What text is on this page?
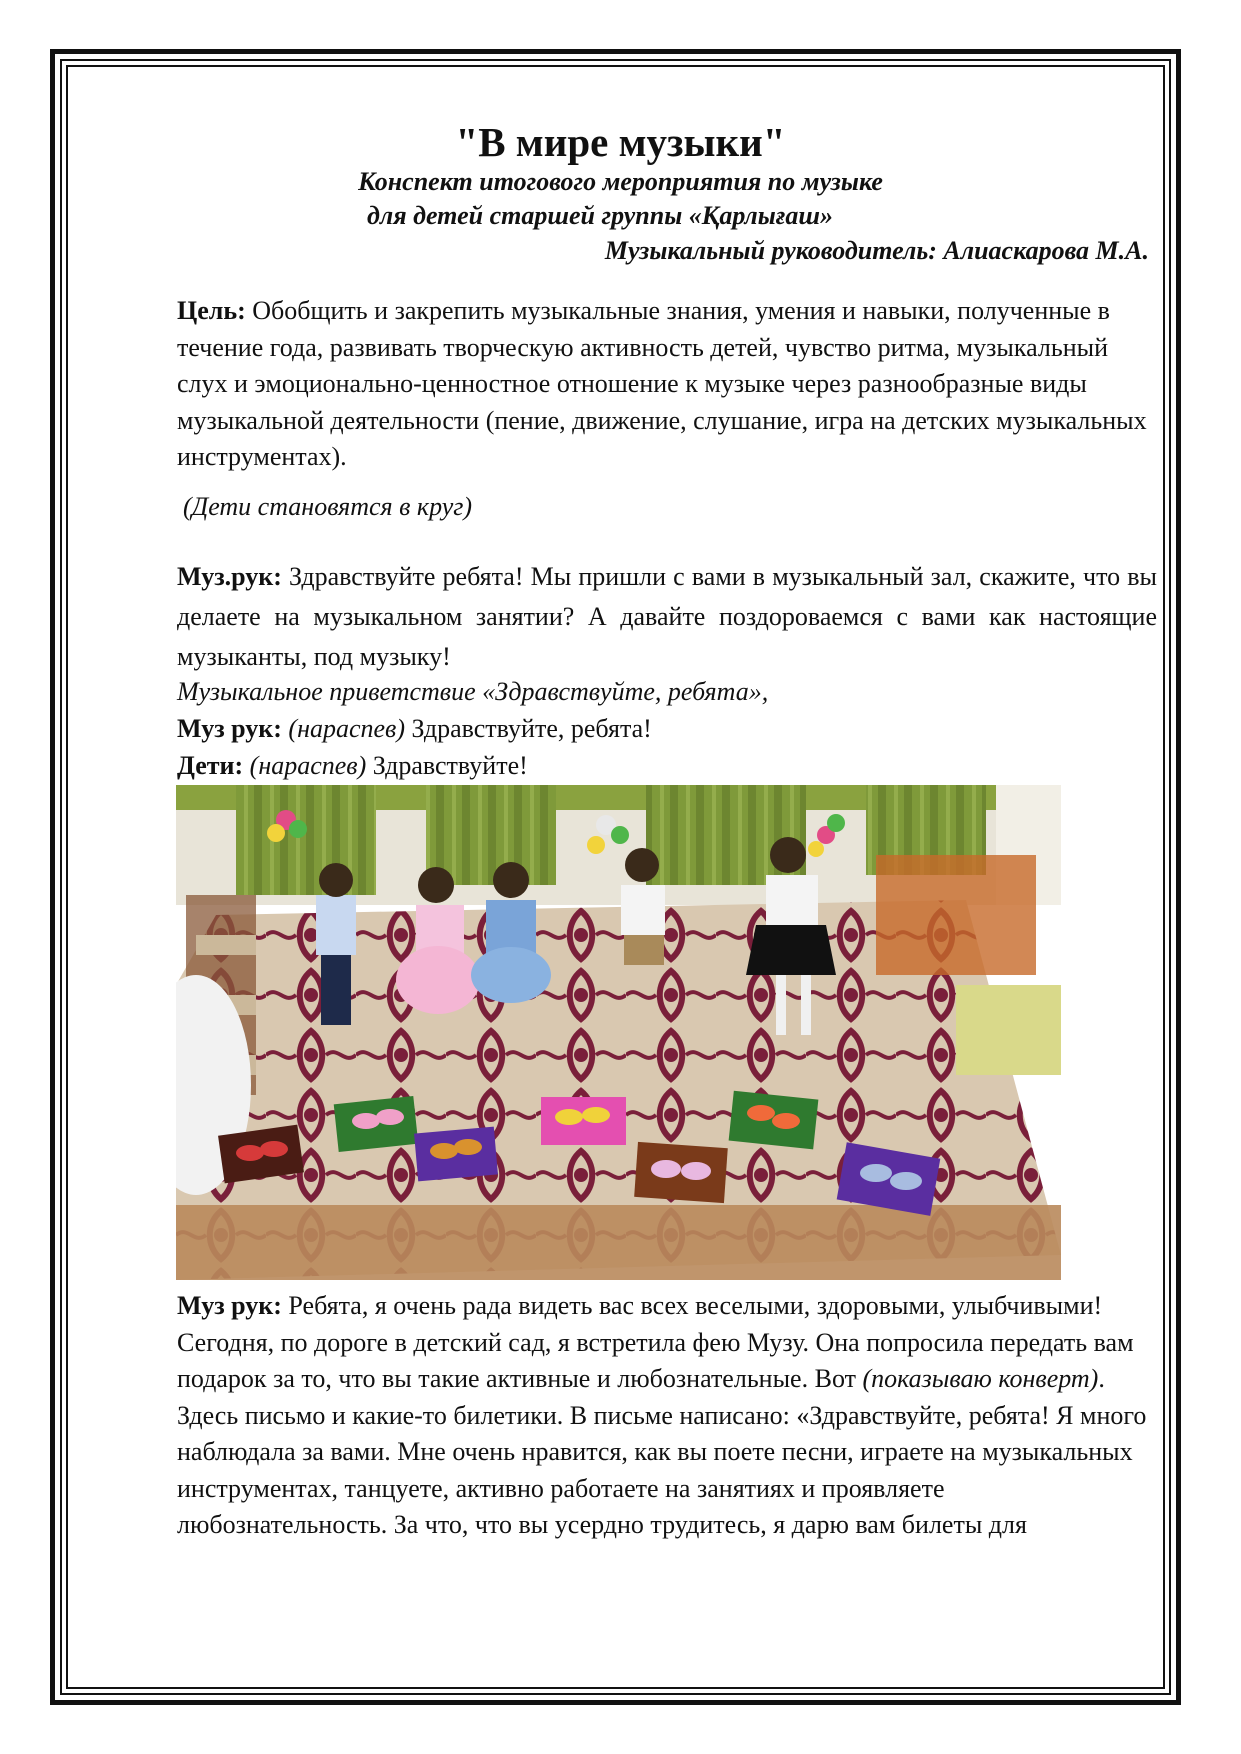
"В мире музыки"

Конспект итогового мероприятия по музыке

для детей старшей группы «Қарлығаш»

Музыкальный руководитель: Алиаскарова М.А.

Цель: Обобщить и закрепить музыкальные знания, умения и навыки, полученные в течение года, развивать творческую активность детей, чувство ритма, музыкальный слух и эмоционально-ценностное отношение к музыке через разнообразные виды музыкальной деятельности (пение, движение, слушание, игра на детских музыкальных инструментах).

(Дети становятся в круг)

Муз.рук: Здравствуйте ребята! Мы пришли с вами в музыкальный зал, скажите, что вы делаете на музыкальном занятии? А давайте поздороваемся с вами как настоящие музыканты, под музыку!

Музыкальное приветствие «Здравствуйте, ребята»,

Муз рук: (нараспев) Здравствуйте, ребята!

Дети: (нараспев) Здравствуйте!

Муз рук: Ребята, я очень рада видеть вас всех веселыми, здоровыми, улыбчивыми! Сегодня, по дороге в детский сад, я встретила фею Музу. Она попросила передать вам подарок за то, что вы такие активные и любознательные. Вот (показываю конверт). Здесь письмо и какие-то билетики. В письме написано: «Здравствуйте, ребята! Я много наблюдала за вами. Мне очень нравится, как вы поете песни, играете на музыкальных инструментах, танцуете, активно работаете на занятиях и проявляете любознательность. За что, что вы усердно трудитесь, я дарю вам билеты для
